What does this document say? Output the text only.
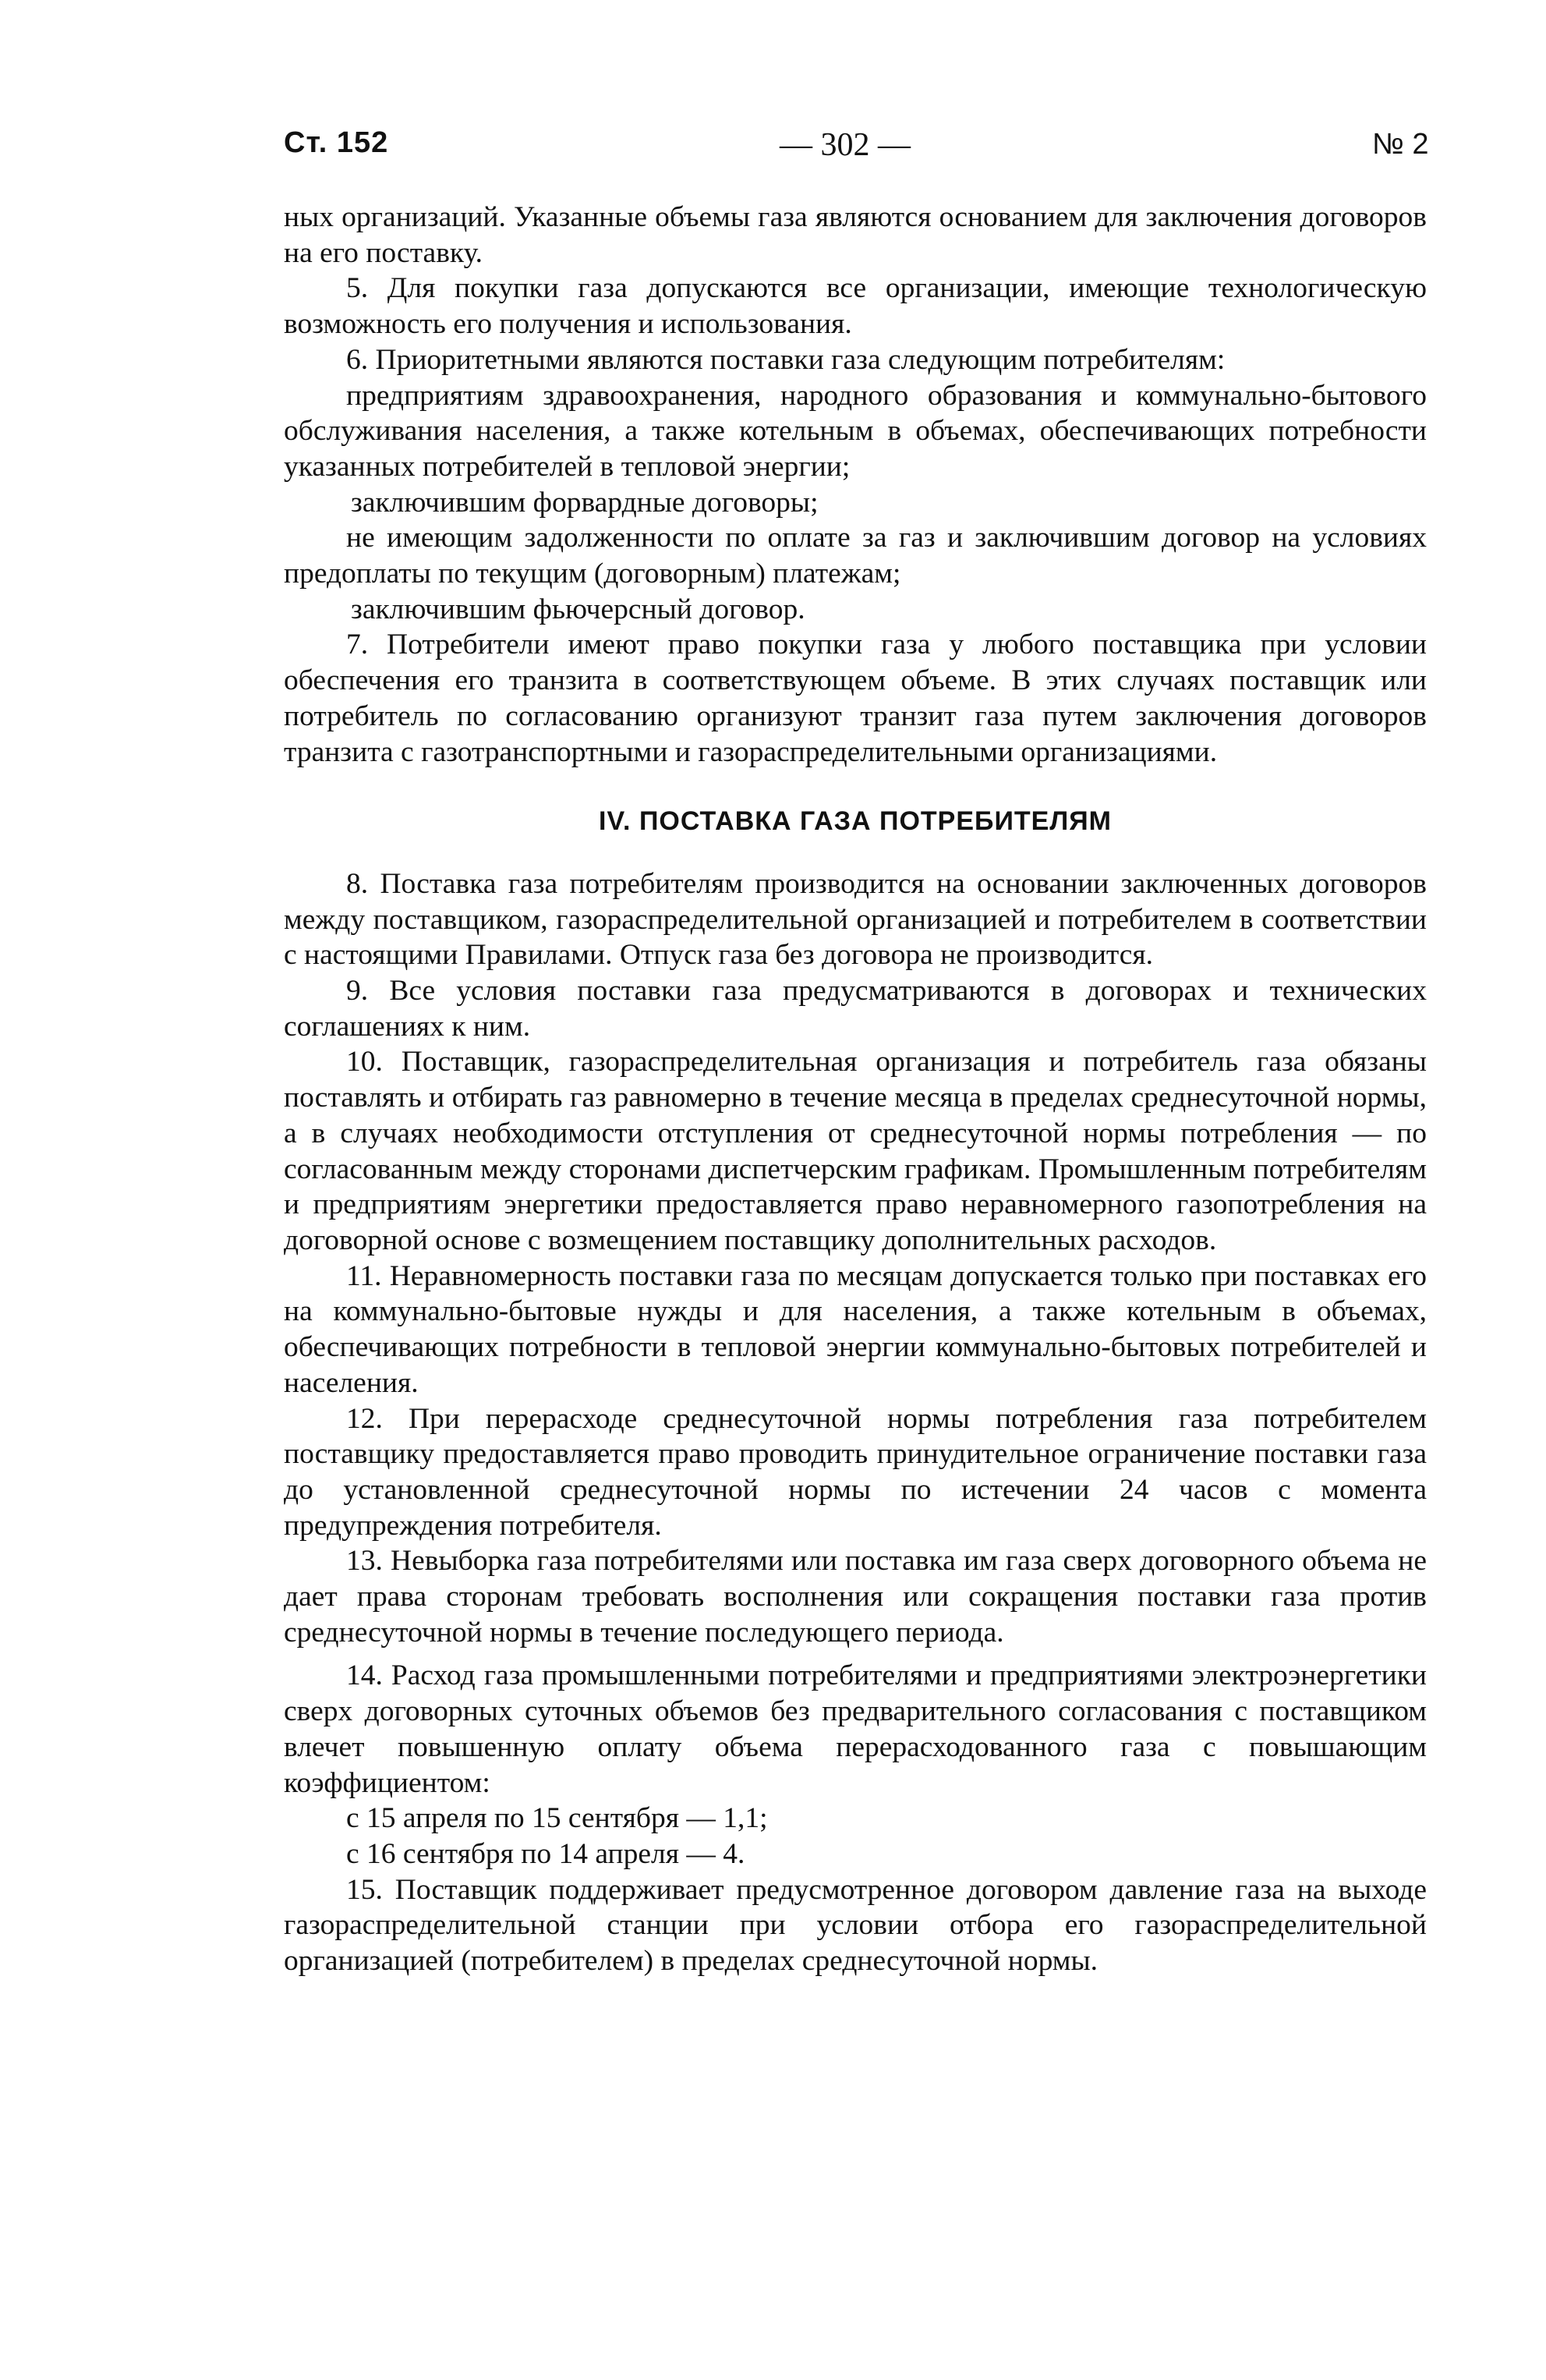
Ст. 152	— 302 —	№ 2

ных организаций. Указанные объемы газа являются основанием для заключения договоров на его поставку.

5. Для покупки газа допускаются все организации, имеющие технологическую возможность его получения и использования.

6. Приоритетными являются поставки газа следующим потребителям:

предприятиям здравоохранения, народного образования и коммунально-бытового обслуживания населения, а также котельным в объемах, обеспечивающих потребности указанных потребителей в тепловой энергии;

заключившим форвардные договоры;

не имеющим задолженности по оплате за газ и заключившим договор на условиях предоплаты по текущим (договорным) платежам;

заключившим фьючерсный договор.

7. Потребители имеют право покупки газа у любого поставщика при условии обеспечения его транзита в соответствующем объеме. В этих случаях поставщик или потребитель по согласованию организуют транзит газа путем заключения договоров транзита с газотранспортными и газораспределительными организациями.

IV. ПОСТАВКА ГАЗА ПОТРЕБИТЕЛЯМ

8. Поставка газа потребителям производится на основании заключенных договоров между поставщиком, газораспределительной организацией и потребителем в соответствии с настоящими Правилами. Отпуск газа без договора не производится.

9. Все условия поставки газа предусматриваются в договорах и технических соглашениях к ним.

10. Поставщик, газораспределительная организация и потребитель газа обязаны поставлять и отбирать газ равномерно в течение месяца в пределах среднесуточной нормы, а в случаях необходимости отступления от среднесуточной нормы потребления — по согласованным между сторонами диспетчерским графикам. Промышленным потребителям и предприятиям энергетики предоставляется право неравномерного газопотребления на договорной основе с возмещением поставщику дополнительных расходов.

11. Неравномерность поставки газа по месяцам допускается только при поставках его на коммунально-бытовые нужды и для населения, а также котельным в объемах, обеспечивающих потребности в тепловой энергии коммунально-бытовых потребителей и населения.

12. При перерасходе среднесуточной нормы потребления газа потребителем поставщику предоставляется право проводить принудительное ограничение поставки газа до установленной среднесуточной нормы по истечении 24 часов с момента предупреждения потребителя.

13. Невыборка газа потребителями или поставка им газа сверх договорного объема не дает права сторонам требовать восполнения или сокращения поставки газа против среднесуточной нормы в течение последующего периода.

14. Расход газа промышленными потребителями и предприятиями электроэнергетики сверх договорных суточных объемов без предварительного согласования с поставщиком влечет повышенную оплату объема перерасходованного газа с повышающим коэффициентом:

с 15 апреля по 15 сентября — 1,1;

с 16 сентября по 14 апреля — 4.

15. Поставщик поддерживает предусмотренное договором давление газа на выходе газораспределительной станции при условии отбора его газораспределительной организацией (потребителем) в пределах среднесуточной нормы.
